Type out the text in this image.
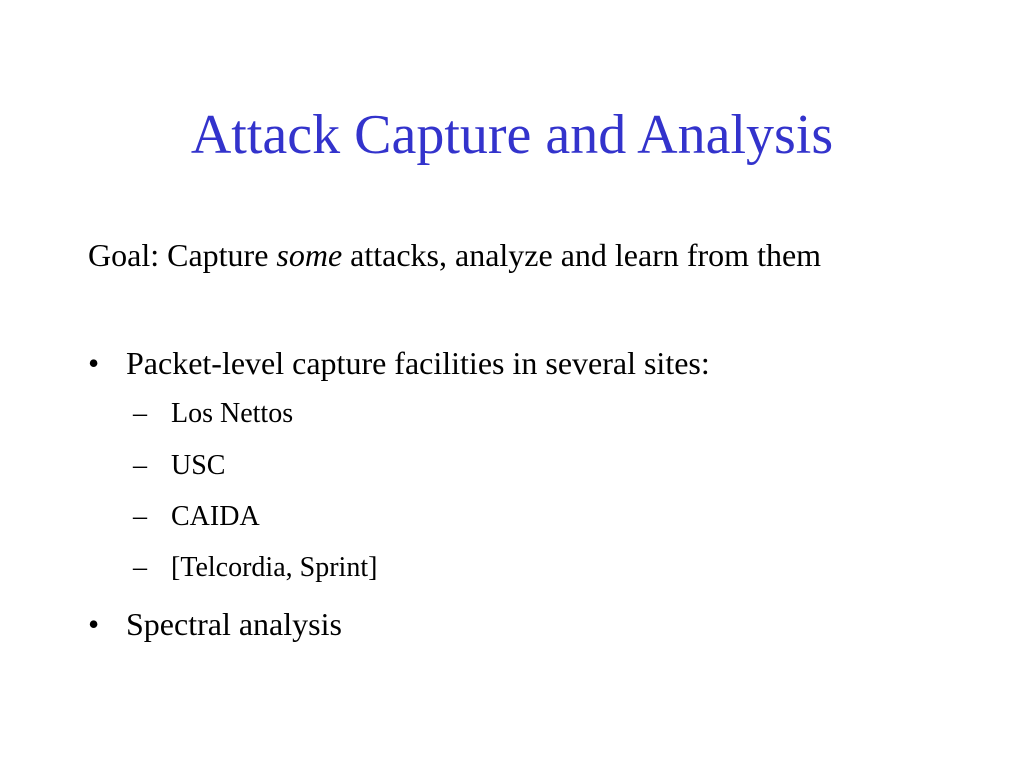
Attack Capture and Analysis

Goal: Capture some attacks, analyze and learn from them

• Packet-level capture facilities in several sites:
– Los Nettos
– USC
– CAIDA
– [Telcordia, Sprint]
• Spectral analysis
